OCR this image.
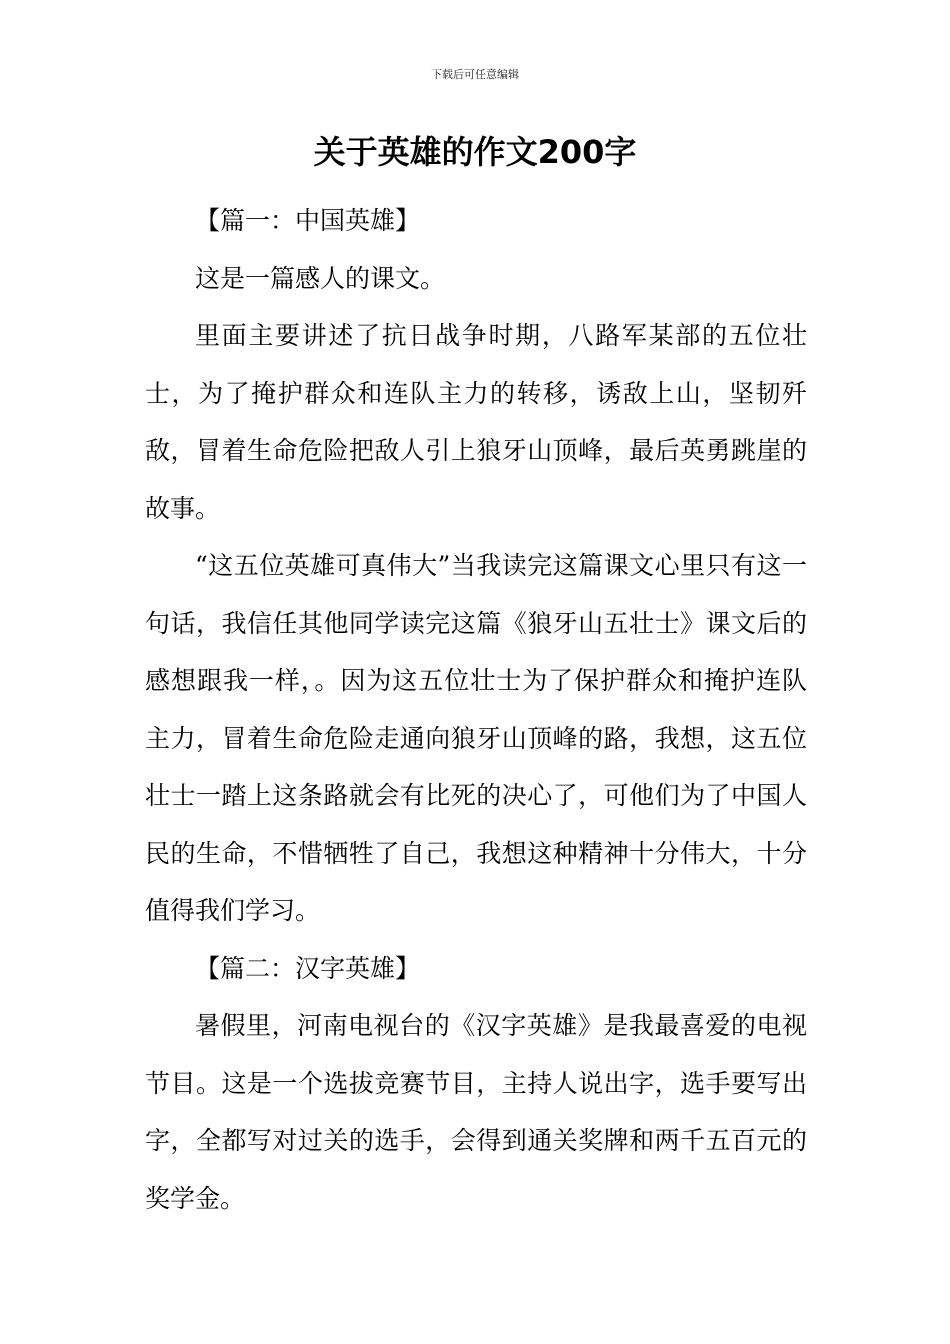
下载后可任意编辑
关于英雄的作文200字

【篇一：中国英雄】

这是一篇感人的课文。

里面主要讲述了抗日战争时期，八路军某部的五位壮士，为了掩护群众和连队主力的转移，诱敌上山，坚韧歼敌，冒着生命危险把敌人引上狼牙山顶峰，最后英勇跳崖的故事。

“这五位英雄可真伟大”当我读完这篇课文心里只有这一句话，我信任其他同学读完这篇《狼牙山五壮士》课文后的感想跟我一样，。因为这五位壮士为了保护群众和掩护连队主力，冒着生命危险走通向狼牙山顶峰的路，我想，这五位壮士一踏上这条路就会有比死的决心了，可他们为了中国人民的生命，不惜牺牲了自己，我想这种精神十分伟大，十分值得我们学习。

【篇二：汉字英雄】

暑假里，河南电视台的《汉字英雄》是我最喜爱的电视节目。这是一个选拔竞赛节目，主持人说出字，选手要写出字，全都写对过关的选手，会得到通关奖牌和两千五百元的奖学金。
